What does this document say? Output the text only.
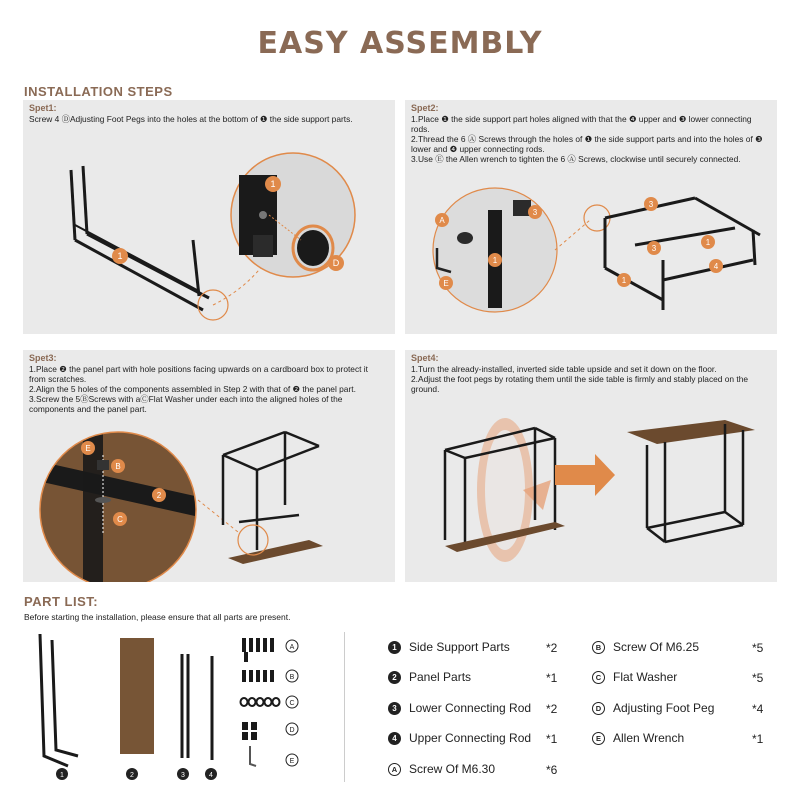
EASY ASSEMBLY
INSTALLATION STEPS
Spet1:

Screw 4 ⒹAdjusting Foot Pegs into the holes at the bottom of ❶ the side support parts.

1
1
D
Spet2:

1.Place ❶ the side support part holes aligned with that the ❹ upper and ❸ lower connecting rods.

2.Thread the 6 Ⓐ Screws through the holes of ❶ the side support parts and into the holes of ❸ lower and ❹ upper connecting rods.

3.Use Ⓔ the Allen wrench to tighten the 6 Ⓐ Screws, clockwise until securely connected.

A
E
1
3
3
3
1
4
1
Spet3:

1.Place ❷ the panel part with hole positions facing upwards on a cardboard box to protect it from scratches.

2.Align the 5 holes of the components assembled in Step 2 with that of ❷ the panel part.

3.Screw the 5ⒷScrews with aⒸFlat Washer under each into the aligned holes of the components and the panel part.

E
B
C
2
Spet4:

1.Turn the already-installed, inverted side table upside and set it down on the floor.

2.Adjust the foot pegs by rotating them until the side table is firmly and stably placed on the ground.

PART LIST:
Before starting the installation, please ensure that all parts are present.
1	2	3	4
A
B
C
D
E
1	Side Support Parts	*2
2	Panel Parts	*1
3	Lower Connecting Rod *2
4	Upper Connecting Rod *1
A Screw Of M6.30	*6
B Screw Of M6.25	*5
C Flat Washer	*5
D Adjusting Foot Peg	*4
E	Allen Wrench	*1
